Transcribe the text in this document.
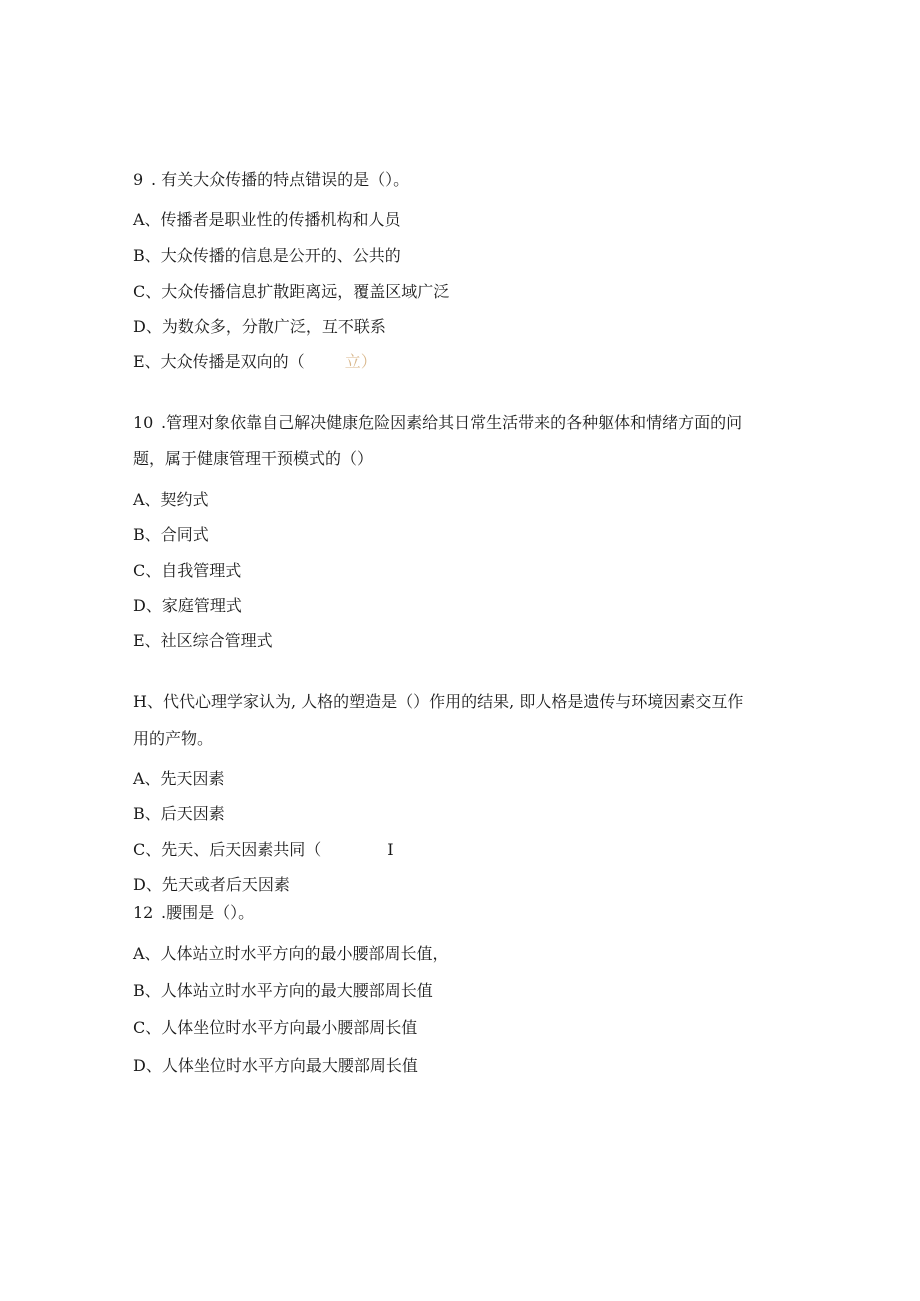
9 . 有关大众传播的特点错误的是（）。
A、传播者是职业性的传播机构和人员
B、大众传播的信息是公开的、公共的
C、大众传播信息扩散距离远，覆盖区域广泛
D、为数众多，分散广泛，互不联系
E、大众传播是双向的（	立）
10 .管理对象依靠自己解决健康危险因素给其日常生活带来的各种躯体和情绪方面的问
题，属于健康管理干预模式的（）
A、契约式
B、合同式
C、自我管理式
D、家庭管理式
E、社区综合管理式
H、代代心理学家认为, 人格的塑造是（）作用的结果, 即人格是遗传与环境因素交互作
用的产物。
A、先天因素
B、后天因素
C、先天、后天因素共同（	I
D、先天或者后天因素
12 .腰围是（）。
A、人体站立时水平方向的最小腰部周长值，
B、人体站立时水平方向的最大腰部周长值
C、人体坐位时水平方向最小腰部周长值
D、人体坐位时水平方向最大腰部周长值
